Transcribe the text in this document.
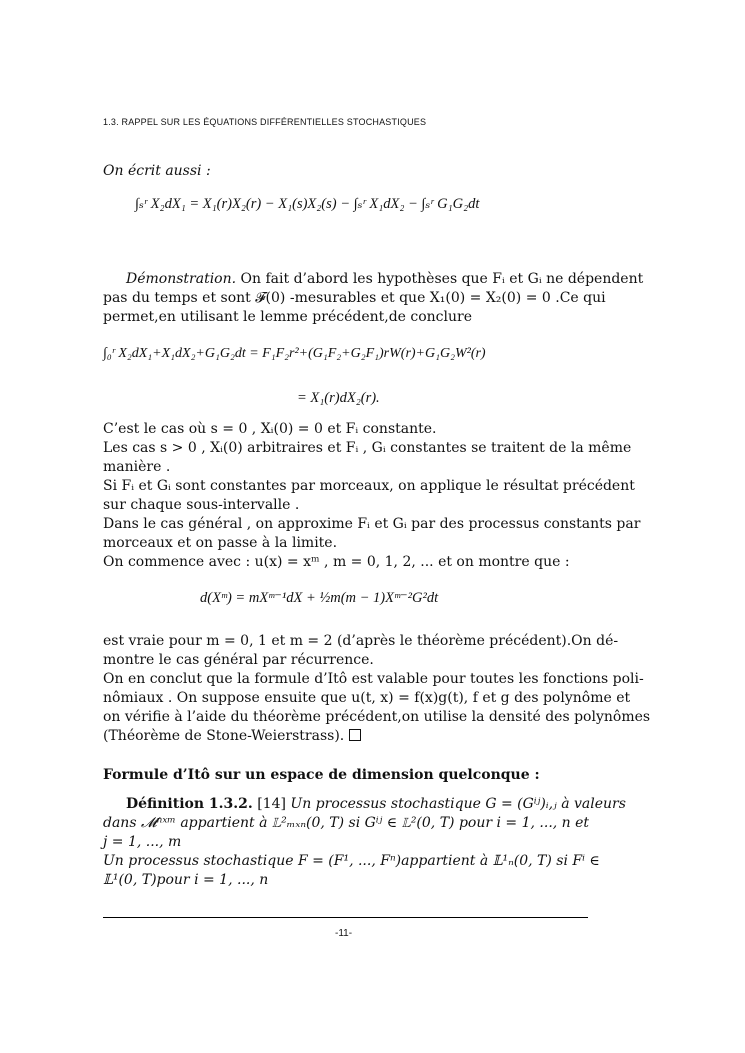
1.3. RAPPEL SUR LES ÉQUATIONS DIFFÉRENTIELLES STOCHASTIQUES
On écrit aussi :
∫ₛʳ X₂dX₁ = X₁(r)X₂(r) − X₁(s)X₂(s) − ∫ₛʳ X₁dX₂ − ∫ₛʳ G₁G₂dt
Démonstration. On fait d’abord les hypothèses que Fᵢ et Gᵢ ne dépendent
pas du temps et sont 𝓕(0) -mesurables et que X₁(0) = X₂(0) = 0 .Ce qui
permet,en utilisant le lemme précédent,de conclure
∫₀ʳ X₂dX₁+X₁dX₂+G₁G₂dt = F₁F₂r²+(G₁F₂+G₂F₁)rW(r)+G₁G₂W²(r)
= X₁(r)dX₂(r).
C’est le cas où s = 0 , Xᵢ(0) = 0 et Fᵢ constante.
Les cas s > 0 , Xᵢ(0) arbitraires et Fᵢ , Gᵢ constantes se traitent de la même
manière .
Si Fᵢ et Gᵢ sont constantes par morceaux, on applique le résultat précédent
sur chaque sous-intervalle .
Dans le cas général , on approxime Fᵢ et Gᵢ par des processus constants par
morceaux et on passe à la limite.
On commence avec : u(x) = xᵐ , m = 0, 1, 2, ... et on montre que :
d(Xᵐ) = mXᵐ⁻¹dX + ½m(m − 1)Xᵐ⁻²G²dt
est vraie pour m = 0, 1 et m = 2 (d’après le théorème précédent).On dé-
montre le cas général par récurrence.
On en conclut que la formule d’Itô est valable pour toutes les fonctions poli-
nômiaux . On suppose ensuite que u(t, x) = f(x)g(t), f et g des polynôme et
on vérifie à l’aide du théorème précédent,on utilise la densité des polynômes
(Théorème de Stone-Weierstrass).
Formule d’Itô sur un espace de dimension quelconque :
Définition 1.3.2. [14] Un processus stochastique G = (Gⁱʲ)ᵢ,ⱼ à valeurs
dans 𝓜ⁿˣᵐ appartient à 𝕃²ₘₓₙ(0, T) si Gⁱʲ ∈ 𝕃²(0, T) pour i = 1, ..., n et
j = 1, ..., m
Un processus stochastique F = (F¹, ..., Fⁿ)appartient à 𝕃¹ₙ(0, T) si Fⁱ ∈
𝕃¹(0, T)pour i = 1, ..., n
-11-
